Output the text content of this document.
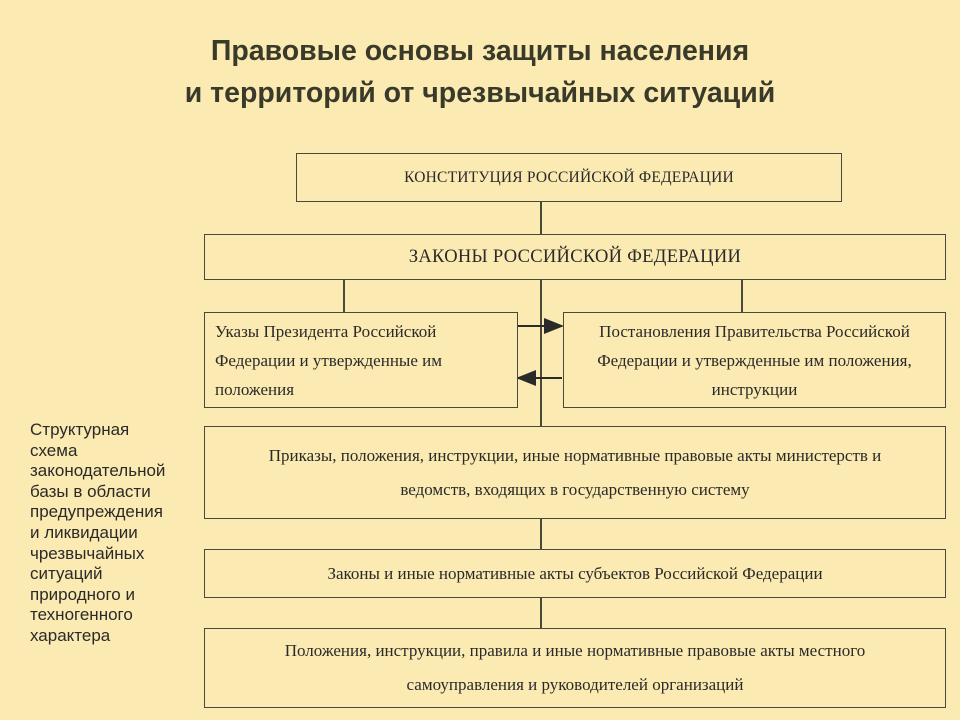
Правовые основы защиты населения
и территорий от чрезвычайных ситуаций
КОНСТИТУЦИЯ РОССИЙСКОЙ ФЕДЕРАЦИИ
ЗАКОНЫ РОССИЙСКОЙ ФЕДЕРАЦИИ
Указы Президента Российской
Федерации и утвержденные им
положения
Постановления Правительства Российской
Федерации и утвержденные им положения,
инструкции
Приказы, положения, инструкции, иные нормативные правовые акты министерств и
ведомств, входящих в государственную систему
Законы и иные нормативные акты субъектов Российской Федерации
Положения, инструкции, правила и иные нормативные правовые акты местного
самоуправления и руководителей организаций
Структурная
схема
законодательной
базы в области
предупреждения
и ликвидации
чрезвычайных
ситуаций
природного и
техногенного
характера
